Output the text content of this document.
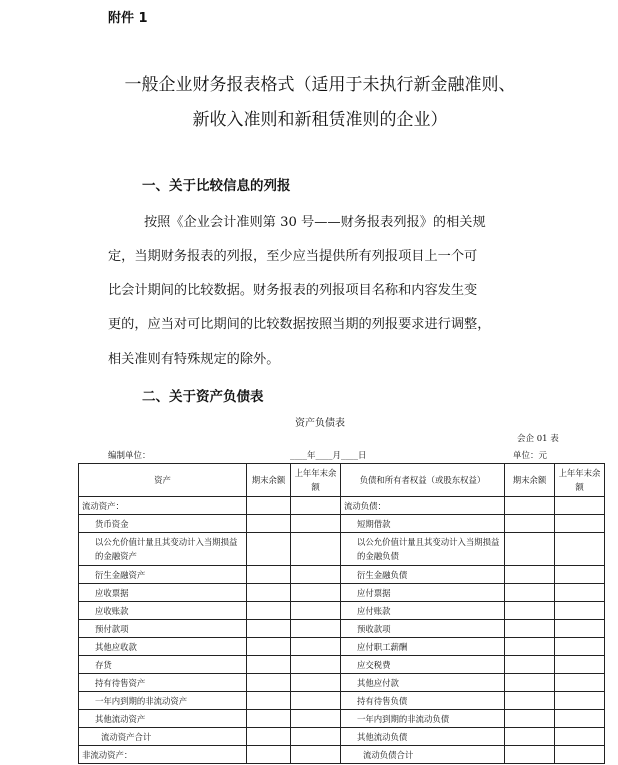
附件 1
一般企业财务报表格式（适用于未执行新金融准则、
新收入准则和新租赁准则的企业）
一、关于比较信息的列报
按照《企业会计准则第 30 号——财务报表列报》的相关规
定，当期财务报表的列报，至少应当提供所有列报项目上一个可
比会计期间的比较数据。财务报表的列报项目名称和内容发生变
更的，应当对可比期间的比较数据按照当期的列报要求进行调整，
相关准则有特殊规定的除外。
二、关于资产负债表
资产负债表
会企 01 表
编制单位：	____年____月____日	单位：元
资产	期末余额	上年年末余额	负债和所有者权益（或股东权益）	期末余额	上年年末余额
流动资产：			流动负债：		
货币资金			短期借款		
以公允价值计量且其变动计入当期损益的金融资产			以公允价值计量且其变动计入当期损益的金融负债		
衍生金融资产			衍生金融负债		
应收票据			应付票据		
应收账款			应付账款		
预付款项			预收款项		
其他应收款			应付职工薪酬		
存货			应交税费		
持有待售资产			其他应付款		
一年内到期的非流动资产			持有待售负债		
其他流动资产			一年内到期的非流动负债		
流动资产合计			其他流动负债		
非流动资产：			流动负债合计		
